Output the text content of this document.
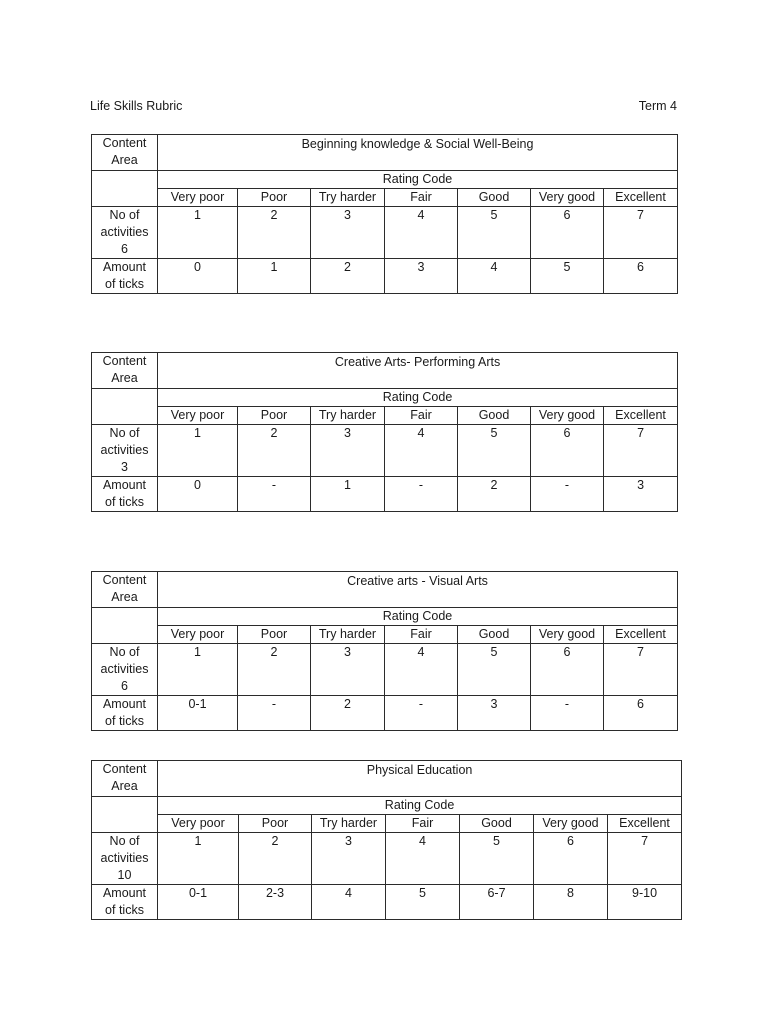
Life Skills Rubric	Term 4
Content
Area	Beginning knowledge & Social Well-Being						
	Rating Code						
	Very poor	Poor	Try harder	Fair	Good	Very good	Excellent

No of
activities
6	1	2	3	4	5	6	7

Amount
of ticks	0	1	2	3	4	5	6
Content
Area	Creative Arts- Performing Arts						
	Rating Code						
	Very poor	Poor	Try harder	Fair	Good	Very good	Excellent

No of
activities
3	1	2	3	4	5	6	7

Amount
of ticks	0	-	1	-	2	-	3
Content
Area	Creative arts - Visual Arts						
	Rating Code						
	Very poor	Poor	Try harder	Fair	Good	Very good	Excellent

No of
activities
6	1	2	3	4	5	6	7

Amount
of ticks	0-1	-	2	-	3	-	6
Content
Area	Physical Education						
	Rating Code						
	Very poor	Poor	Try harder	Fair	Good	Very good	Excellent

No of
activities
10	1	2	3	4	5	6	7

Amount
of ticks	0-1	2-3	4	5	6-7	8	9-10
